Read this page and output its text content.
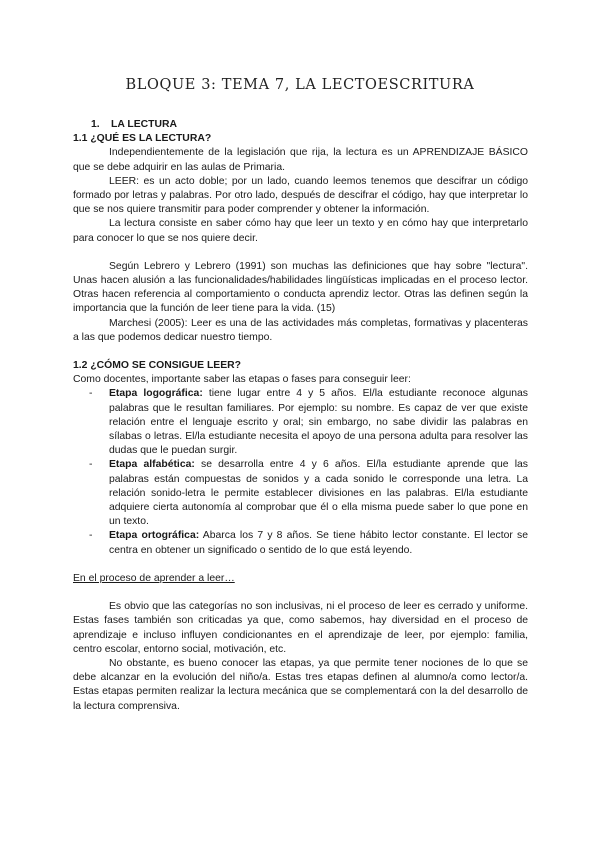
BLOQUE 3: TEMA 7, LA LECTOESCRITURA
1. LA LECTURA
1.1 ¿QUÉ ES LA LECTURA?

Independientemente de la legislación que rija, la lectura es un APRENDIZAJE BÁSICO que se debe adquirir en las aulas de Primaria.

LEER: es un acto doble; por un lado, cuando leemos tenemos que descifrar un código formado por letras y palabras. Por otro lado, después de descifrar el código, hay que interpretar lo que se nos quiere transmitir para poder comprender y obtener la información.

La lectura consiste en saber cómo hay que leer un texto y en cómo hay que interpretarlo para conocer lo que se nos quiere decir.

Según Lebrero y Lebrero (1991) son muchas las definiciones que hay sobre "lectura". Unas hacen alusión a las funcionalidades/habilidades lingüísticas implicadas en el proceso lector. Otras hacen referencia al comportamiento o conducta aprendiz lector. Otras las definen según la importancia que la función de leer tiene para la vida. (15)

Marchesi (2005): Leer es una de las actividades más completas, formativas y placenteras a las que podemos dedicar nuestro tiempo.

1.2 ¿CÓMO SE CONSIGUE LEER?

Como docentes, importante saber las etapas o fases para conseguir leer:

- Etapa logográfica: tiene lugar entre 4 y 5 años. El/la estudiante reconoce algunas palabras que le resultan familiares. Por ejemplo: su nombre. Es capaz de ver que existe relación entre el lenguaje escrito y oral; sin embargo, no sabe dividir las palabras en sílabas o letras. El/la estudiante necesita el apoyo de una persona adulta para resolver las dudas que le puedan surgir.
- Etapa alfabética: se desarrolla entre 4 y 6 años. El/la estudiante aprende que las palabras están compuestas de sonidos y a cada sonido le corresponde una letra. La relación sonido-letra le permite establecer divisiones en las palabras. El/la estudiante adquiere cierta autonomía al comprobar que él o ella misma puede saber lo que pone en un texto.
- Etapa ortográfica: Abarca los 7 y 8 años. Se tiene hábito lector constante. El lector se centra en obtener un significado o sentido de lo que está leyendo.

En el proceso de aprender a leer…

Es obvio que las categorías no son inclusivas, ni el proceso de leer es cerrado y uniforme. Estas fases también son criticadas ya que, como sabemos, hay diversidad en el proceso de aprendizaje e incluso influyen condicionantes en el aprendizaje de leer, por ejemplo: familia, centro escolar, entorno social, motivación, etc.

No obstante, es bueno conocer las etapas, ya que permite tener nociones de lo que se debe alcanzar en la evolución del niño/a. Estas tres etapas definen al alumno/a como lector/a. Estas etapas permiten realizar la lectura mecánica que se complementará con la del desarrollo de la lectura comprensiva.
